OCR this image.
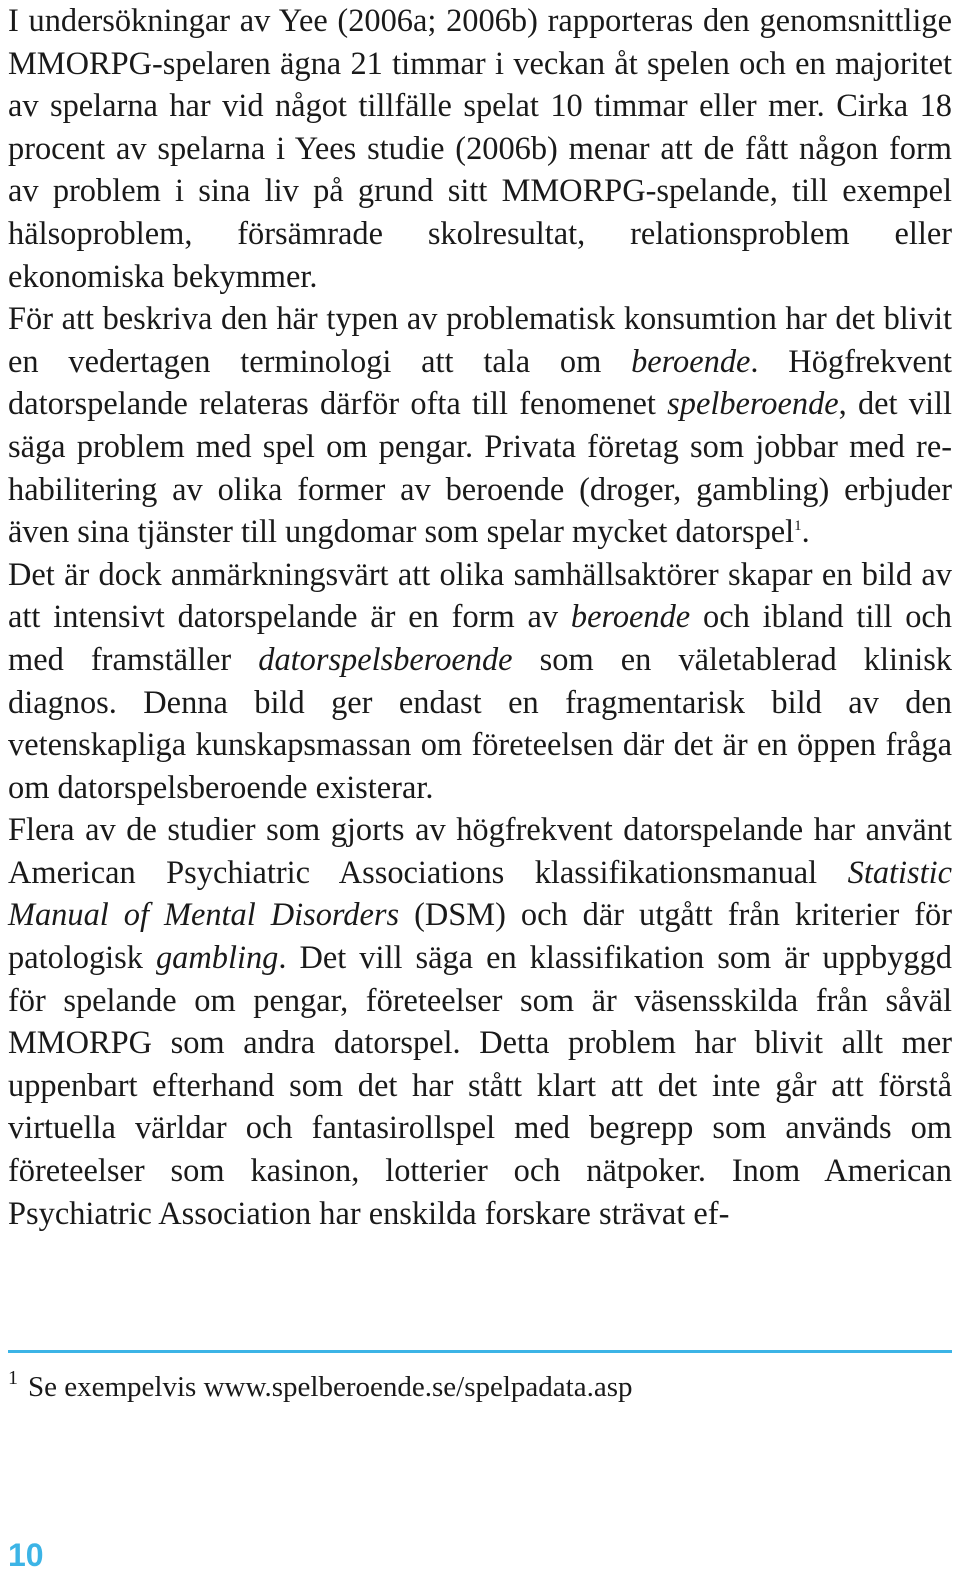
I undersökningar av Yee (2006a; 2006b) rapporteras den genomsnittlige MMORPG-spelaren ägna 21 timmar i veckan åt spelen och en majoritet av spelarna har vid något tillfälle spelat 10 timmar eller mer. Cirka 18 procent av spelarna i Yees studie (2006b) menar att de fått någon form av problem i sina liv på grund sitt MMORPG-spelande, till exempel hälsoproblem, försämrade skolresultat, relationsproblem eller ekonomiska bekymmer.

För att beskriva den här typen av problematisk konsumtion har det blivit en vedertagen terminologi att tala om beroende. Högfrekvent datorspelande relateras därför ofta till fenomenet spelberoende, det vill säga problem med spel om pengar. Privata företag som jobbar med rehabilitering av olika former av beroende (droger, gambling) erbjuder även sina tjänster till ungdomar som spelar mycket datorspel$^1$.

Det är dock anmärkningsvärt att olika samhällsaktörer skapar en bild av att intensivt datorspelande är en form av beroende och ibland till och med framställer datorspelsberoende som en väletablerad klinisk diagnos. Denna bild ger endast en fragmentarisk bild av den vetenskapliga kunskapsmassan om företeelsen där det är en öppen fråga om datorspelsberoende existerar.

Flera av de studier som gjorts av högfrekvent datorspelande har använt American Psychiatric Associations klassifikationsmanual Statistic Manual of Mental Disorders (DSM) och där utgått från kriterier för patologisk gambling. Det vill säga en klassifikation som är uppbyggd för spelande om pengar, företeelser som är väsensskilda från såväl MMORPG som andra datorspel. Detta problem har blivit allt mer uppenbart efterhand som det har stått klart att det inte går att förstå virtuella världar och fantasirollspel med begrepp som används om företeelser som kasinon, lotterier och nätpoker. Inom American Psychiatric Association har enskilda forskare strävat ef-

$^1$ Se exempelvis www.spelberoende.se/spelpadata.asp
10
